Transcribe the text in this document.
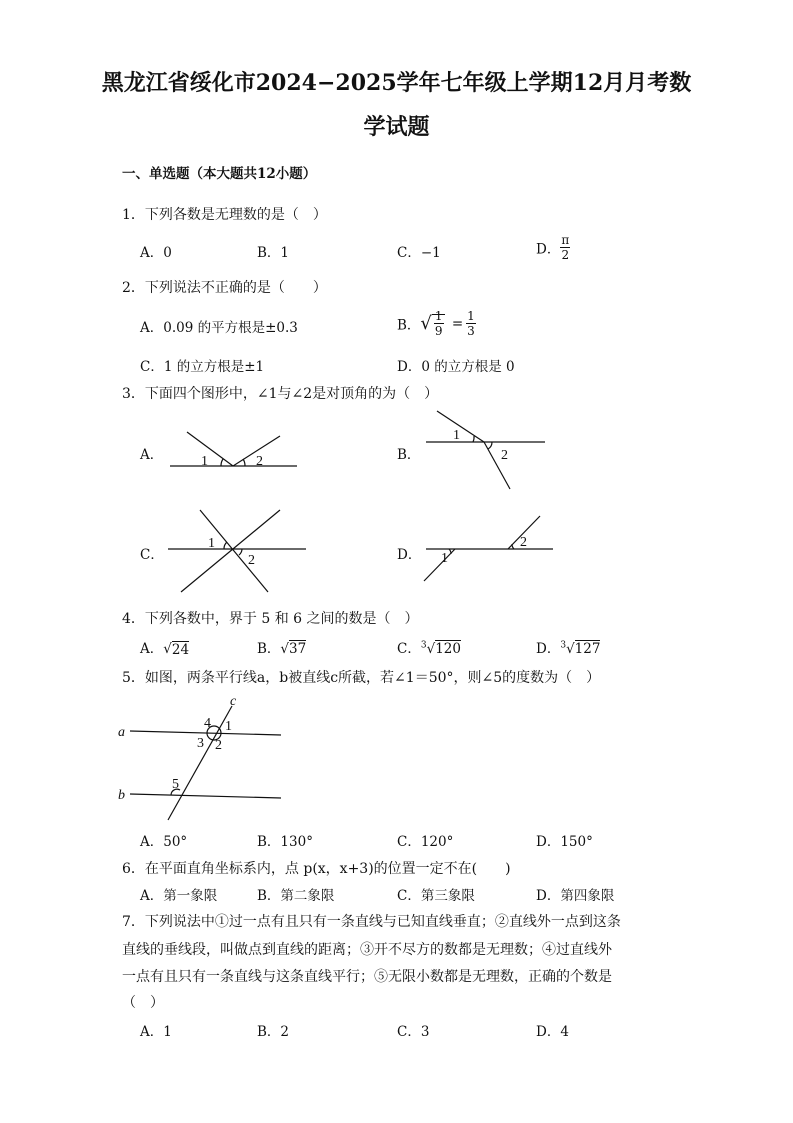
黑龙江省绥化市2024−2025学年七年级上学期12月月考数
学试题
一、单选题（本大题共12小题）
1．下列各数是无理数的是（　）
A．0	B．1	C．−1	D． $\frac{\pi}{2}$
2．下列说法不正确的是（　　）
A．0.09 的平方根是±0.3	B．√ $\frac{1}{9} = \frac{1}{3}$
C．1 的立方根是±1	D．0 的立方根是 0
3．下面四个图形中，∠1与∠2是对顶角的为（　）
A．	B．
C．	D．
1	2
1
2
1
2	1
2
c
a
b
4 1
3 2
5
4．下列各数中，界于 5 和 6 之间的数是（　）
A．√24	B．√37	C．$^3$√120	D．$^3$√127
5．如图，两条平行线a，b被直线c所截，若∠1＝50°，则∠5的度数为（　）
A．50°	B．130°	C．120°	D．150°
6．在平面直角坐标系内，点 p(x，x+3)的位置一定不在(　　)
A．第一象限	B．第二象限	C．第三象限	D．第四象限
7．下列说法中①过一点有且只有一条直线与已知直线垂直；②直线外一点到这条
直线的垂线段，叫做点到直线的距离；③开不尽方的数都是无理数；④过直线外
一点有且只有一条直线与这条直线平行；⑤无限小数都是无理数，正确的个数是
（　）
A．1	B．2	C．3	D．4
